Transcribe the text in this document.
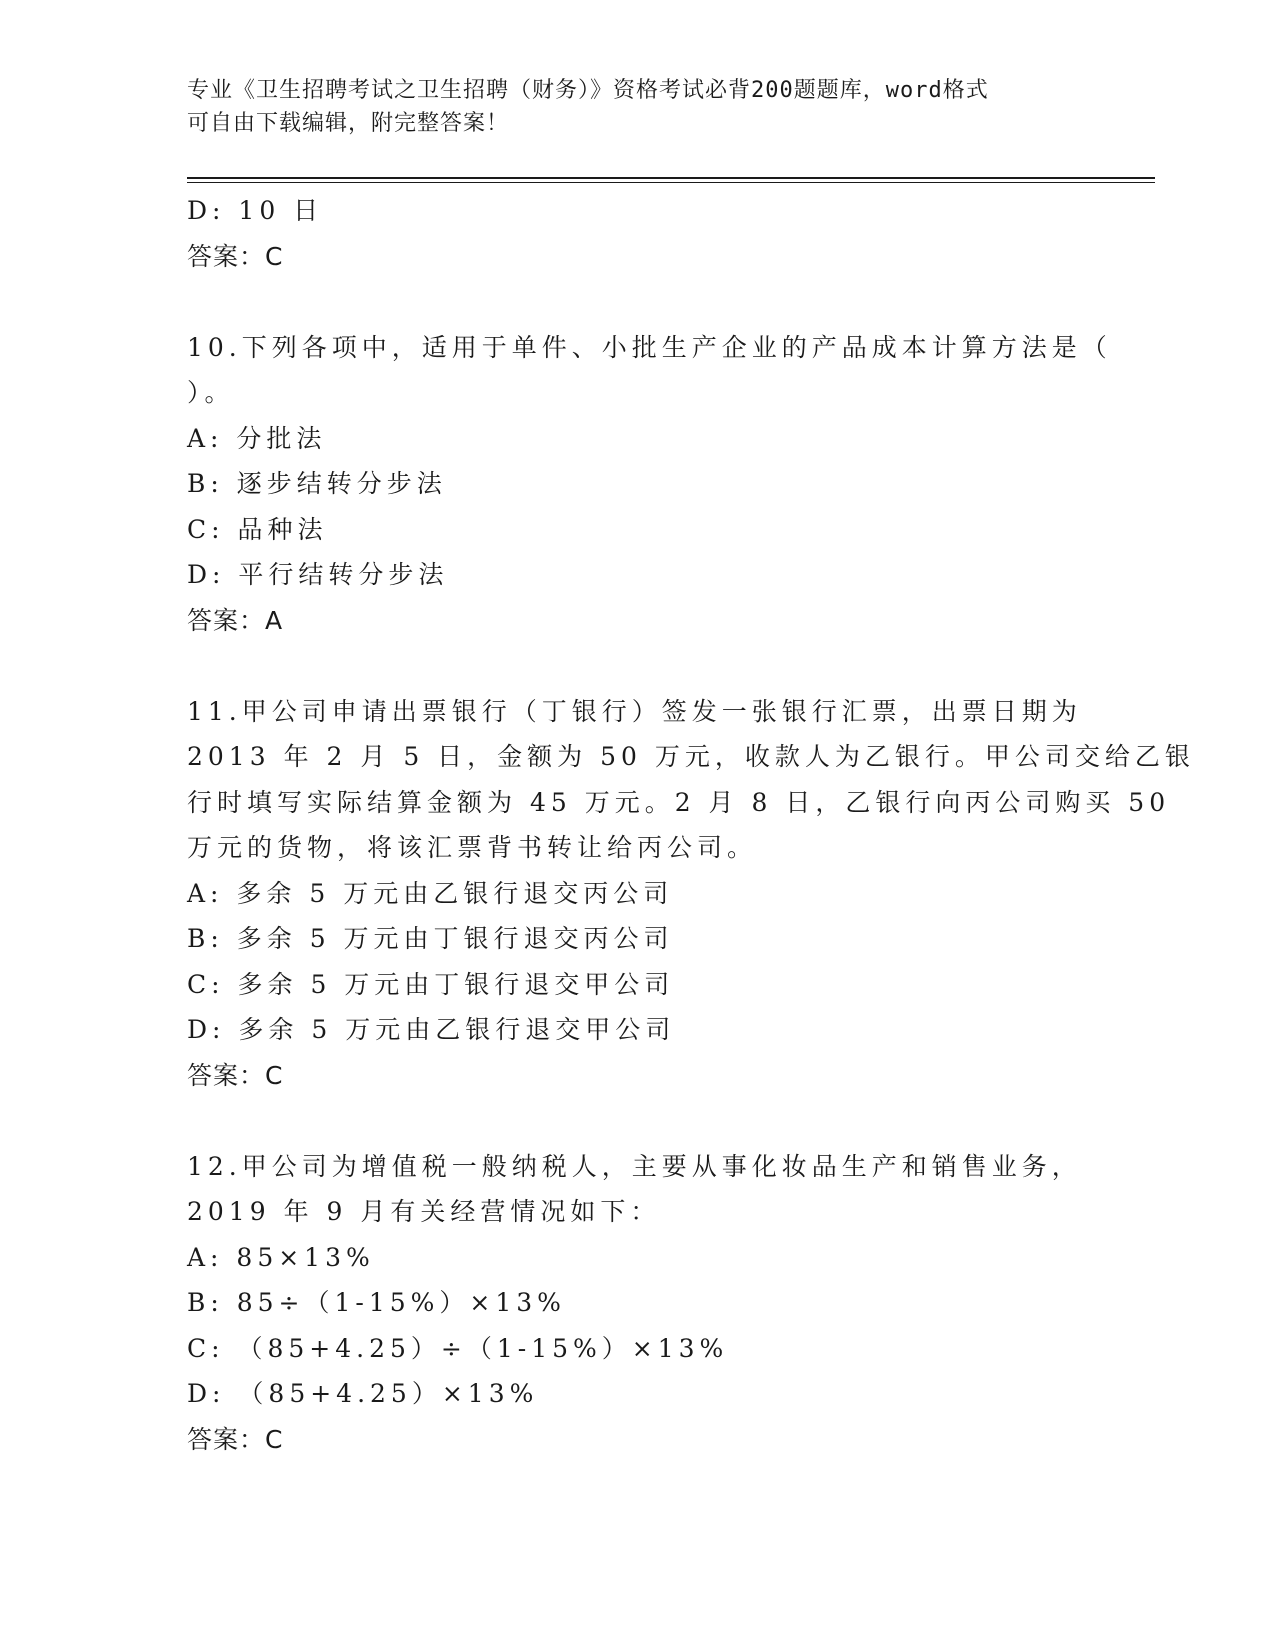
专业《卫生招聘考试之卫生招聘（财务）》资格考试必背200题题库，word格式
可自由下载编辑，附完整答案！
D: 10 日
答案：C
10.下列各项中，适用于单件、小批生产企业的产品成本计算方法是（
）。
A: 分批法
B: 逐步结转分步法
C: 品种法
D: 平行结转分步法
答案：A
11.甲公司申请出票银行（丁银行）签发一张银行汇票，出票日期为
2013 年 2 月 5 日，金额为 50 万元，收款人为乙银行。甲公司交给乙银
行时填写实际结算金额为 45 万元。2 月 8 日，乙银行向丙公司购买 50
万元的货物，将该汇票背书转让给丙公司。
A: 多余 5 万元由乙银行退交丙公司
B: 多余 5 万元由丁银行退交丙公司
C: 多余 5 万元由丁银行退交甲公司
D: 多余 5 万元由乙银行退交甲公司
答案：C
12.甲公司为增值税一般纳税人，主要从事化妆品生产和销售业务，
2019 年 9 月有关经营情况如下：
A: 85×13%
B: 85÷（1-15%）×13%
C: （85+4.25）÷（1-15%）×13%
D: （85+4.25）×13%
答案：C
